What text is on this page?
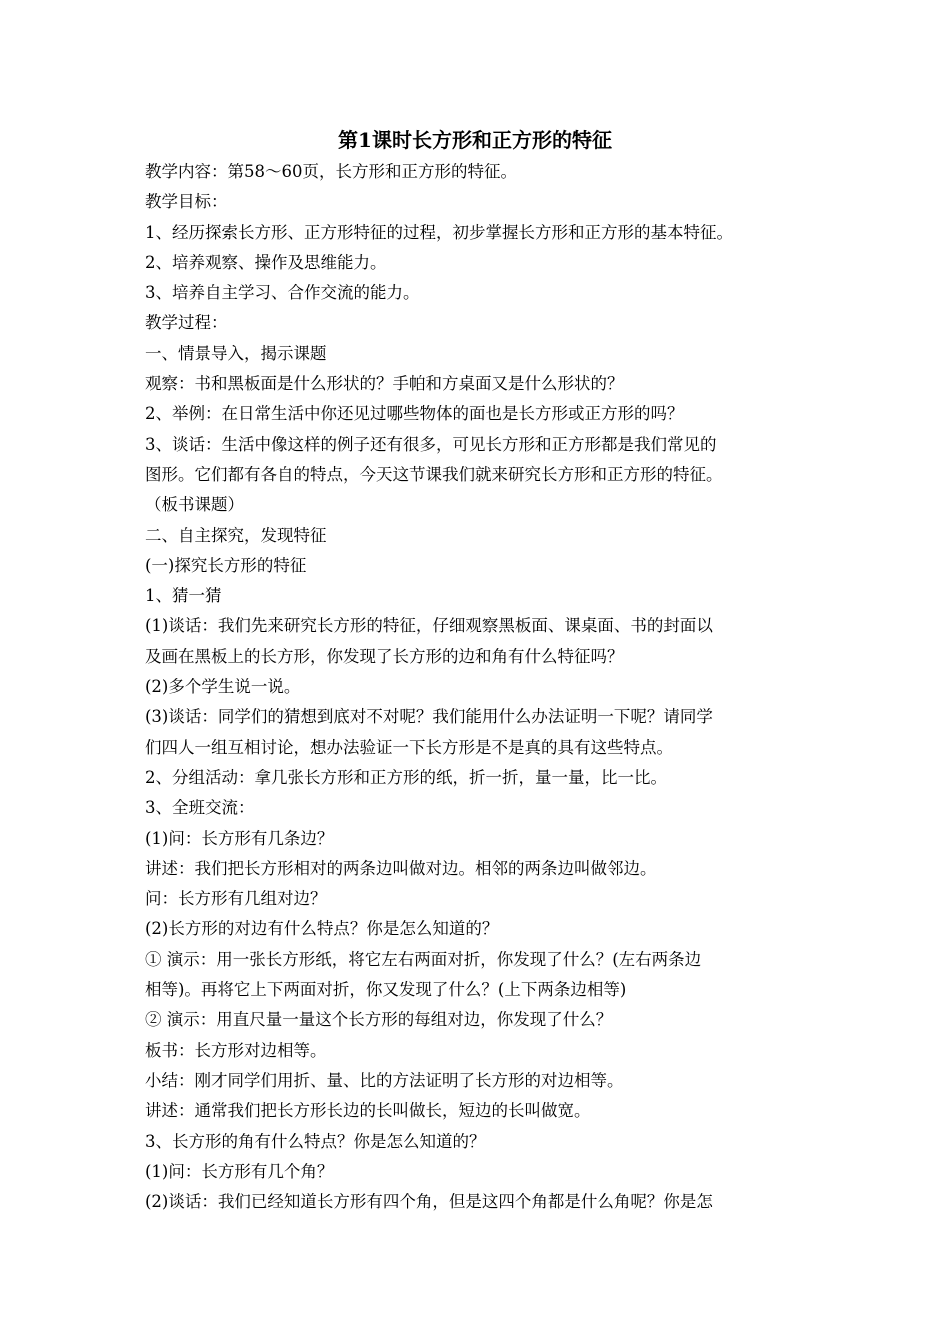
第1课时长方形和正方形的特征
教学内容：第58～60页，长方形和正方形的特征。
教学目标：
1、经历探索长方形、正方形特征的过程，初步掌握长方形和正方形的基本特征。
2、培养观察、操作及思维能力。
3、培养自主学习、合作交流的能力。
教学过程：
一、情景导入，揭示课题
观察：书和黑板面是什么形状的？手帕和方桌面又是什么形状的？
2、举例：在日常生活中你还见过哪些物体的面也是长方形或正方形的吗？
3、谈话：生活中像这样的例子还有很多，可见长方形和正方形都是我们常见的
图形。它们都有各自的特点，今天这节课我们就来研究长方形和正方形的特征。
（板书课题）
二、自主探究，发现特征
(一)探究长方形的特征
1、猜一猜
(1)谈话：我们先来研究长方形的特征，仔细观察黑板面、课桌面、书的封面以
及画在黑板上的长方形，你发现了长方形的边和角有什么特征吗？
(2)多个学生说一说。
(3)谈话：同学们的猜想到底对不对呢？我们能用什么办法证明一下呢？请同学
们四人一组互相讨论，想办法验证一下长方形是不是真的具有这些特点。
2、分组活动：拿几张长方形和正方形的纸，折一折，量一量，比一比。
3、全班交流：
(1)问：长方形有几条边？
讲述：我们把长方形相对的两条边叫做对边。相邻的两条边叫做邻边。
问：长方形有几组对边？
(2)长方形的对边有什么特点？你是怎么知道的？
① 演示：用一张长方形纸，将它左右两面对折，你发现了什么？(左右两条边
相等)。再将它上下两面对折，你又发现了什么？(上下两条边相等)
② 演示：用直尺量一量这个长方形的每组对边，你发现了什么？
板书：长方形对边相等。
小结：刚才同学们用折、量、比的方法证明了长方形的对边相等。
讲述：通常我们把长方形长边的长叫做长，短边的长叫做宽。
3、长方形的角有什么特点？你是怎么知道的？
(1)问：长方形有几个角？
(2)谈话：我们已经知道长方形有四个角，但是这四个角都是什么角呢？你是怎
